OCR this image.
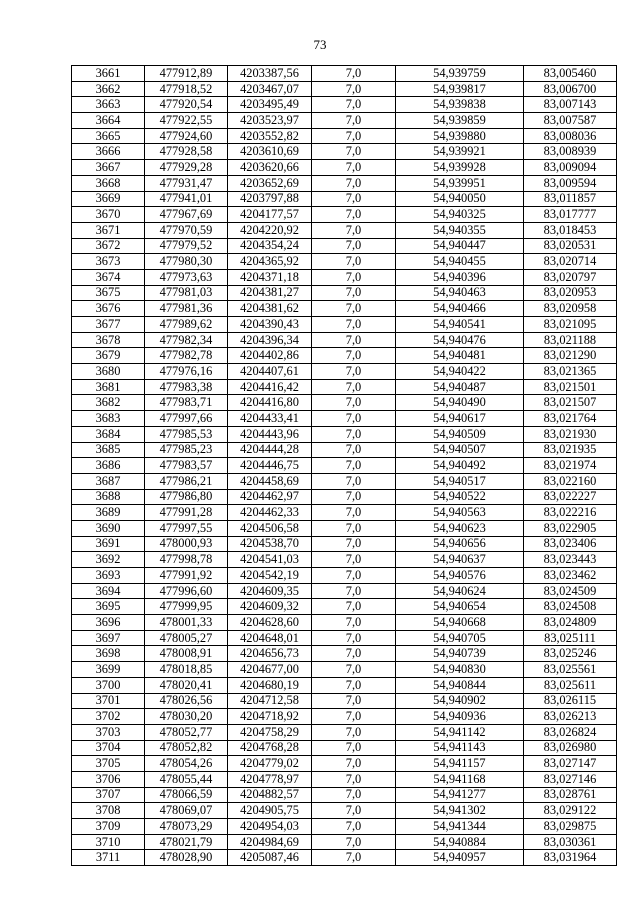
73
3661	477912,89	4203387,56	7,0	54,939759	83,005460
3662	477918,52	4203467,07	7,0	54,939817	83,006700
3663	477920,54	4203495,49	7,0	54,939838	83,007143
3664	477922,55	4203523,97	7,0	54,939859	83,007587
3665	477924,60	4203552,82	7,0	54,939880	83,008036
3666	477928,58	4203610,69	7,0	54,939921	83,008939
3667	477929,28	4203620,66	7,0	54,939928	83,009094
3668	477931,47	4203652,69	7,0	54,939951	83,009594
3669	477941,01	4203797,88	7,0	54,940050	83,011857
3670	477967,69	4204177,57	7,0	54,940325	83,017777
3671	477970,59	4204220,92	7,0	54,940355	83,018453
3672	477979,52	4204354,24	7,0	54,940447	83,020531
3673	477980,30	4204365,92	7,0	54,940455	83,020714
3674	477973,63	4204371,18	7,0	54,940396	83,020797
3675	477981,03	4204381,27	7,0	54,940463	83,020953
3676	477981,36	4204381,62	7,0	54,940466	83,020958
3677	477989,62	4204390,43	7,0	54,940541	83,021095
3678	477982,34	4204396,34	7,0	54,940476	83,021188
3679	477982,78	4204402,86	7,0	54,940481	83,021290
3680	477976,16	4204407,61	7,0	54,940422	83,021365
3681	477983,38	4204416,42	7,0	54,940487	83,021501
3682	477983,71	4204416,80	7,0	54,940490	83,021507
3683	477997,66	4204433,41	7,0	54,940617	83,021764
3684	477985,53	4204443,96	7,0	54,940509	83,021930
3685	477985,23	4204444,28	7,0	54,940507	83,021935
3686	477983,57	4204446,75	7,0	54,940492	83,021974
3687	477986,21	4204458,69	7,0	54,940517	83,022160
3688	477986,80	4204462,97	7,0	54,940522	83,022227
3689	477991,28	4204462,33	7,0	54,940563	83,022216
3690	477997,55	4204506,58	7,0	54,940623	83,022905
3691	478000,93	4204538,70	7,0	54,940656	83,023406
3692	477998,78	4204541,03	7,0	54,940637	83,023443
3693	477991,92	4204542,19	7,0	54,940576	83,023462
3694	477996,60	4204609,35	7,0	54,940624	83,024509
3695	477999,95	4204609,32	7,0	54,940654	83,024508
3696	478001,33	4204628,60	7,0	54,940668	83,024809
3697	478005,27	4204648,01	7,0	54,940705	83,025111
3698	478008,91	4204656,73	7,0	54,940739	83,025246
3699	478018,85	4204677,00	7,0	54,940830	83,025561
3700	478020,41	4204680,19	7,0	54,940844	83,025611
3701	478026,56	4204712,58	7,0	54,940902	83,026115
3702	478030,20	4204718,92	7,0	54,940936	83,026213
3703	478052,77	4204758,29	7,0	54,941142	83,026824
3704	478052,82	4204768,28	7,0	54,941143	83,026980
3705	478054,26	4204779,02	7,0	54,941157	83,027147
3706	478055,44	4204778,97	7,0	54,941168	83,027146
3707	478066,59	4204882,57	7,0	54,941277	83,028761
3708	478069,07	4204905,75	7,0	54,941302	83,029122
3709	478073,29	4204954,03	7,0	54,941344	83,029875
3710	478021,79	4204984,69	7,0	54,940884	83,030361
3711	478028,90	4205087,46	7,0	54,940957	83,031964
